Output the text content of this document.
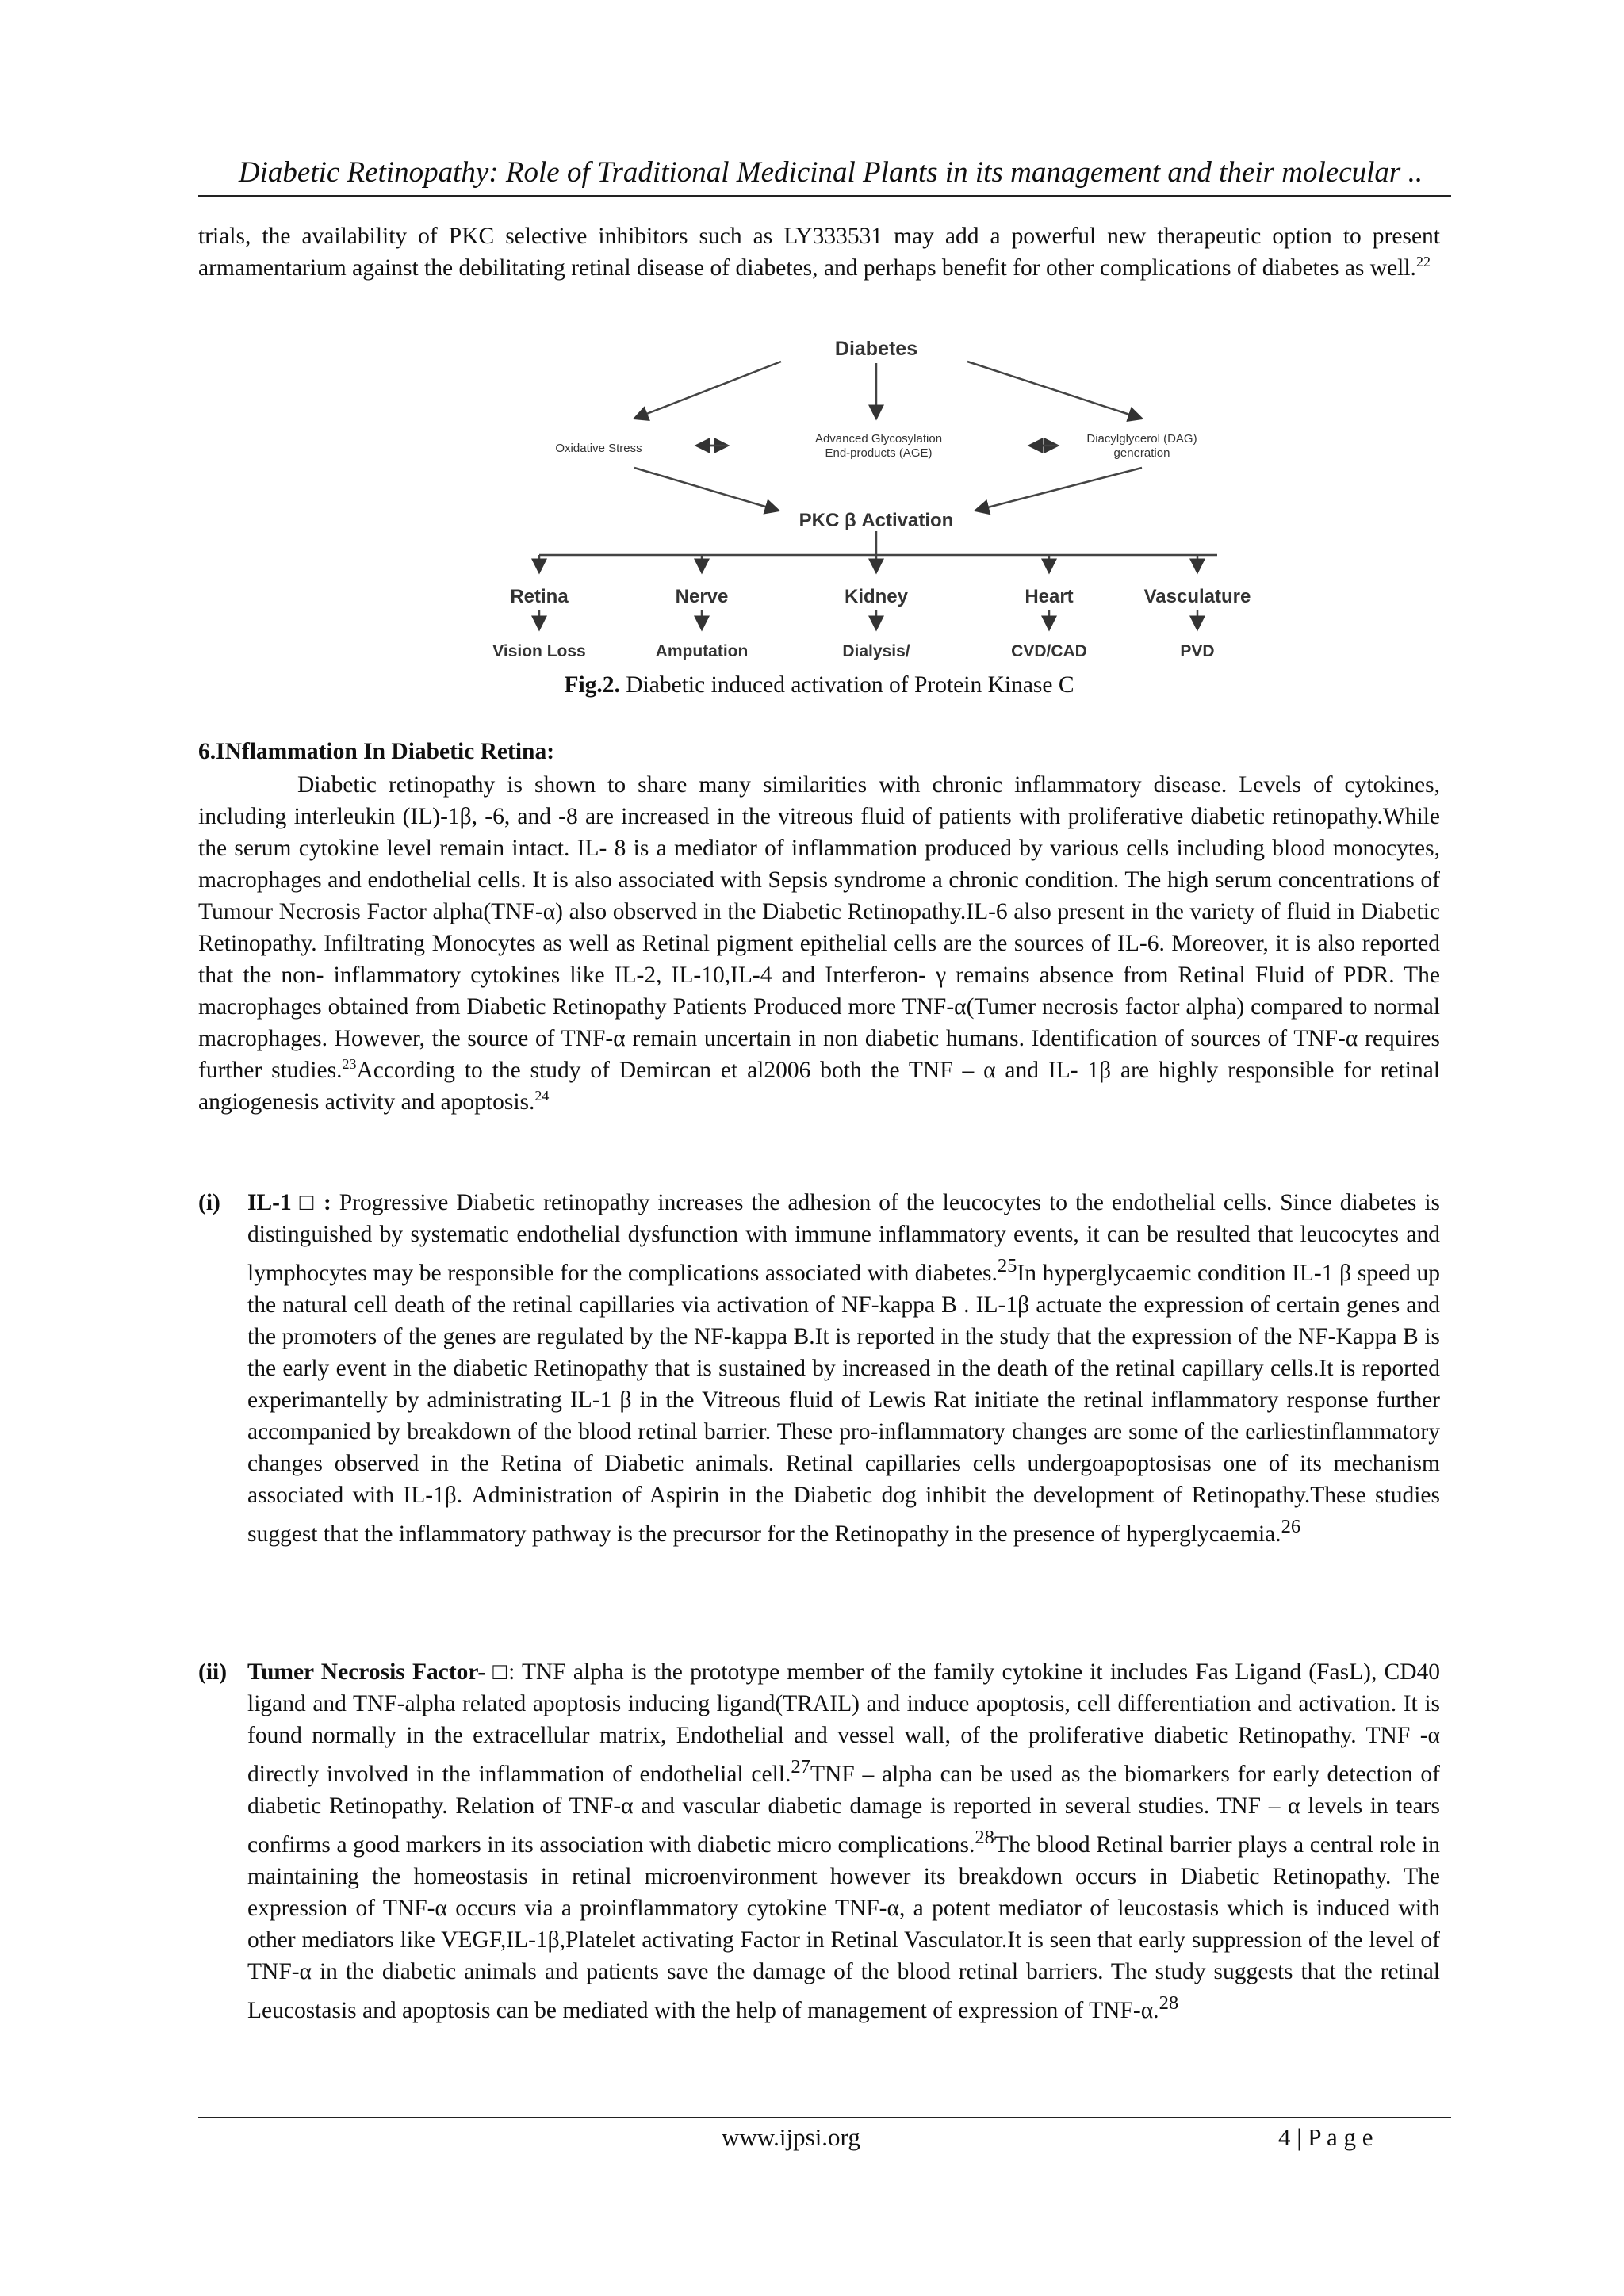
Diabetic Retinopathy: Role of Traditional Medicinal Plants in its management and their molecular ..
trials, the availability of PKC selective inhibitors such as LY333531 may add a powerful new therapeutic option to present armamentarium against the debilitating retinal disease of diabetes, and perhaps benefit for other complications of diabetes as well.$^{22}$
Diabetes
Oxidative Stress
Advanced Glycosylation
End-products (AGE)
Diacylglycerol (DAG)
generation
PKC β Activation
Retina	Nerve	Kidney	Heart	Vasculature
Vision Loss	Amputation	Dialysis/	CVD/CAD	PVD
Fig.2. Diabetic induced activation of Protein Kinase C
6.INflammation In Diabetic Retina:
Diabetic retinopathy is shown to share many similarities with chronic inflammatory disease. Levels of cytokines, including interleukin (IL)-1β, -6, and -8 are increased in the vitreous fluid of patients with proliferative diabetic retinopathy.While the serum cytokine level remain intact. IL- 8 is a mediator of inflammation produced by various cells including blood monocytes, macrophages and endothelial cells. It is also associated with Sepsis syndrome a chronic condition. The high serum concentrations of Tumour Necrosis Factor alpha(TNF-α) also observed in the Diabetic Retinopathy.IL-6 also present in the variety of fluid in Diabetic Retinopathy. Infiltrating Monocytes as well as Retinal pigment epithelial cells are the sources of IL-6. Moreover, it is also reported that the non- inflammatory cytokines like IL-2, IL-10,IL-4 and Interferon- γ remains absence from Retinal Fluid of PDR. The macrophages obtained from Diabetic Retinopathy Patients Produced more TNF-α(Tumer necrosis factor alpha) compared to normal macrophages. However, the source of TNF-α remain uncertain in non diabetic humans. Identification of sources of TNF-α requires further studies.$^{23}$According to the study of Demircan et al2006 both the TNF – α and IL- 1β are highly responsible for retinal angiogenesis activity and apoptosis.$^{24}$
(i) IL-1 □ : Progressive Diabetic retinopathy increases the adhesion of the leucocytes to the endothelial cells. Since diabetes is distinguished by systematic endothelial dysfunction with immune inflammatory events, it can be resulted that leucocytes and lymphocytes may be responsible for the complications associated with diabetes.$^{25}$In hyperglycaemic condition IL-1 β speed up the natural cell death of the retinal capillaries via activation of NF-kappa B . IL-1β actuate the expression of certain genes and the promoters of the genes are regulated by the NF-kappa B.It is reported in the study that the expression of the NF-Kappa B is the early event in the diabetic Retinopathy that is sustained by increased in the death of the retinal capillary cells.It is reported experimantelly by administrating IL-1 β in the Vitreous fluid of Lewis Rat initiate the retinal inflammatory response further accompanied by breakdown of the blood retinal barrier. These pro-inflammatory changes are some of the earliestinflammatory changes observed in the Retina of Diabetic animals. Retinal capillaries cells undergoapoptosisas one of its mechanism associated with IL-1β. Administration of Aspirin in the Diabetic dog inhibit the development of Retinopathy.These studies suggest that the inflammatory pathway is the precursor for the Retinopathy in the presence of hyperglycaemia.$^{26}$
(ii) Tumer Necrosis Factor- □: TNF alpha is the prototype member of the family cytokine it includes Fas Ligand (FasL), CD40 ligand and TNF-alpha related apoptosis inducing ligand(TRAIL) and induce apoptosis, cell differentiation and activation. It is found normally in the extracellular matrix, Endothelial and vessel wall, of the proliferative diabetic Retinopathy. TNF -α directly involved in the inflammation of endothelial cell.$^{27}$TNF – alpha can be used as the biomarkers for early detection of diabetic Retinopathy. Relation of TNF-α and vascular diabetic damage is reported in several studies. TNF – α levels in tears confirms a good markers in its association with diabetic micro complications.$^{28}$The blood Retinal barrier plays a central role in maintaining the homeostasis in retinal microenvironment however its breakdown occurs in Diabetic Retinopathy. The expression of TNF-α occurs via a proinflammatory cytokine TNF-α, a potent mediator of leucostasis which is induced with other mediators like VEGF,IL-1β,Platelet activating Factor in Retinal Vasculator.It is seen that early suppression of the level of TNF-α in the diabetic animals and patients save the damage of the blood retinal barriers. The study suggests that the retinal Leucostasis and apoptosis can be mediated with the help of management of expression of TNF-α.$^{28}$
www.ijpsi.org	4 | P a g e
